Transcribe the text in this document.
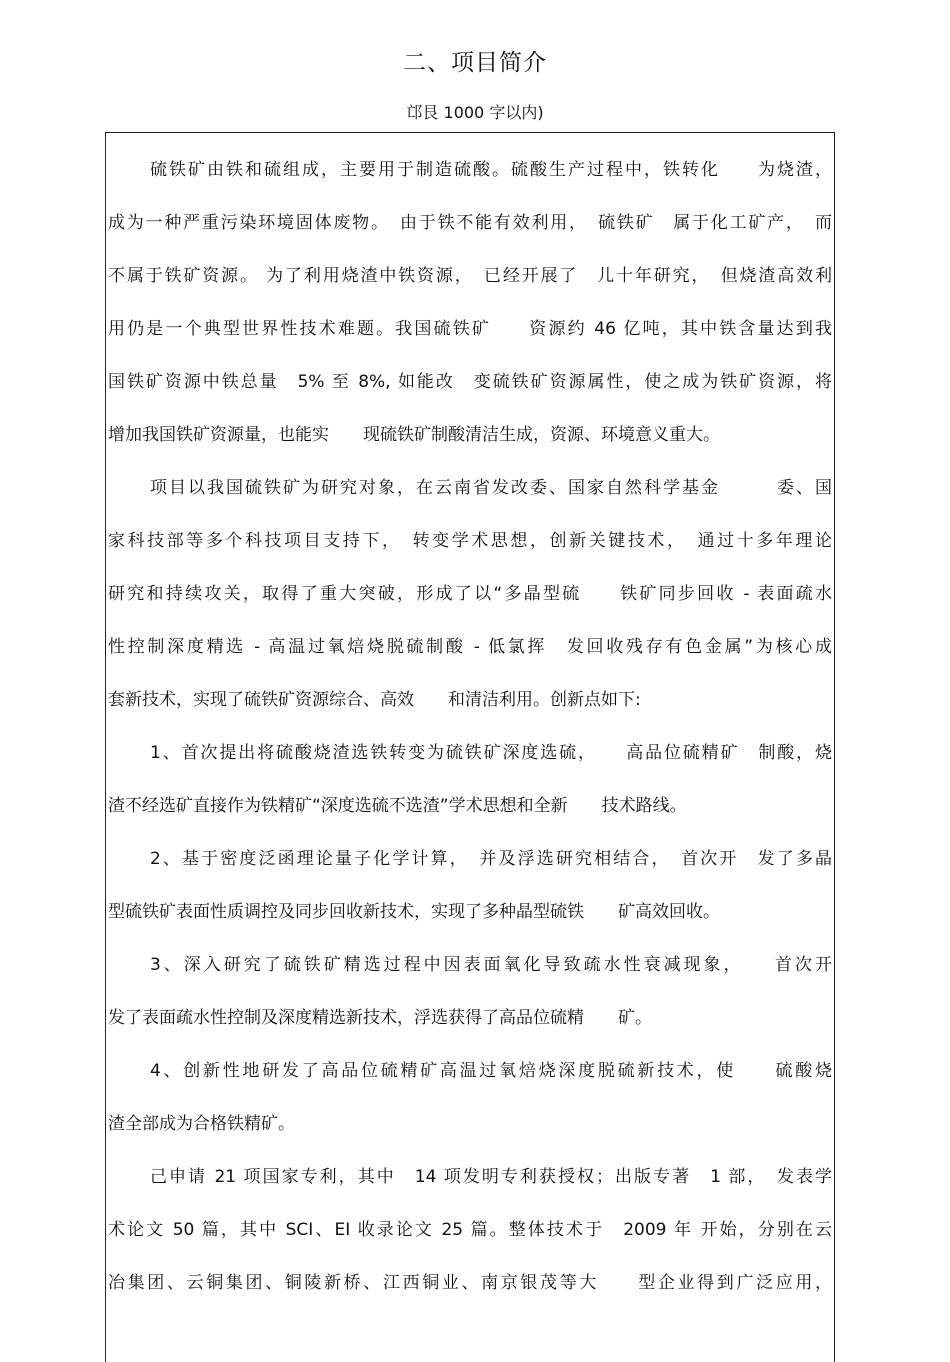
二、项目简介
邙艮 1000 字以内)
硫铁矿由铁和硫组成，主要用于制造硫酸。硫酸生产过程中，铁转化　　为烧渣，
成为一种严重污染环境固体废物。　由于铁不能有效利用，　硫铁矿　属于化工矿产，　而
不属于铁矿资源。 为了利用烧渣中铁资源，　已经开展了　儿十年研究，　但烧渣高效利
用仍是一个典型世界性技术难题。我国硫铁矿　　资源约 46 亿吨，其中铁含量达到我
国铁矿资源中铁总量　5% 至 8%, 如能改　变硫铁矿资源属性，使之成为铁矿资源，将
增加我国铁矿资源量，也能实　　现硫铁矿制酸清洁生成，资源、环境意义重大。
项目以我国硫铁矿为研究对象，在云南省发改委、国家自然科学基金　　　委、国
家科技部等多个科技项目支持下，　转变学术思想，创新关键技术，　通过十多年理论
研究和持续攻关，取得了重大突破，形成了以“多晶型硫　　铁矿同步回收 - 表面疏水
性控制深度精选 - 高温过氧焙烧脱硫制酸 - 低氯挥　发回收残存有色金属”为核心成
套新技术，实现了硫铁矿资源综合、高效　　和清洁利用。创新点如下:
1、首次提出将硫酸烧渣选铁转变为硫铁矿深度选硫，　　高品位硫精矿　制酸，烧
渣不经选矿直接作为铁精矿“深度选硫不选渣”学术思想和全新　　技术路线。
2、基于密度泛函理论量子化学计算，　并及浮选研究相结合，　首次开　发了多晶
型硫铁矿表面性质调控及同步回收新技术，实现了多种晶型硫铁　　矿高效回收。
3、深入研究了硫铁矿精选过程中因表面氧化导致疏水性衰减现象，　　首次开
发了表面疏水性控制及深度精选新技术，浮选获得了高品位硫精　　矿。
4、创新性地研发了高品位硫精矿高温过氧焙烧深度脱硫新技术，使　　硫酸烧
渣全部成为合格铁精矿。
己申请 21 项国家专利，其中　14 项发明专利获授权；出版专著　1 部，　发表学
术论文 50 篇，其中 SCI、EI 收录论文 25 篇。整体技术于　2009 年 开始，分别在云
冶集团、云铜集团、铜陵新桥、江西铜业、南京银茂等大　　型企业得到广泛应用，
